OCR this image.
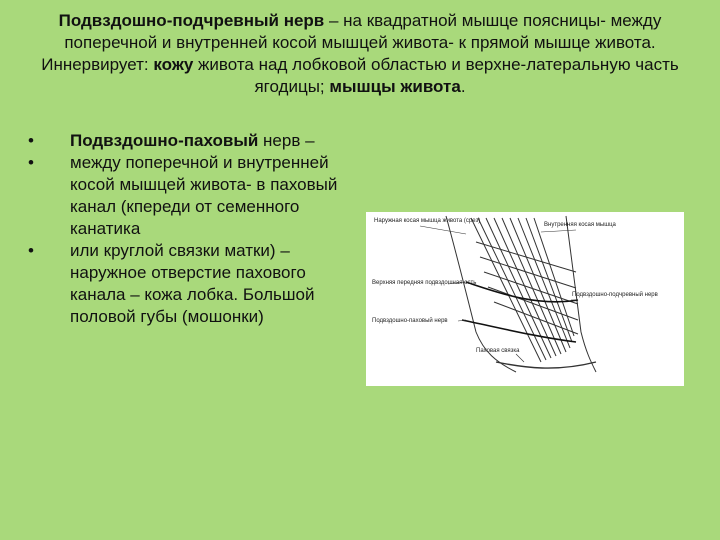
Подвздошно-подчревный нерв – на квадратной мышце поясницы- между поперечной и внутренней косой мышцей живота- к прямой мышце живота. Иннервирует: кожу живота над лобковой областью и верхне-латеральную часть ягодицы; мышцы живота.
•	Подвздошно-паховый нерв –
•	между поперечной и внутренней косой мышцей живота- в паховый канал (кпереди от семенного канатика
•	или круглой связки матки) – наружное отверстие пахового канала – кожа лобка. Большой половой губы (мошонки)
Наружная косая мышца живота (срез)
Внутренняя косая мышца
Верхняя передняя подвздошная ость
Подвздошно-подчревный нерв
Подвздошно-паховый нерв
Паховая связка
